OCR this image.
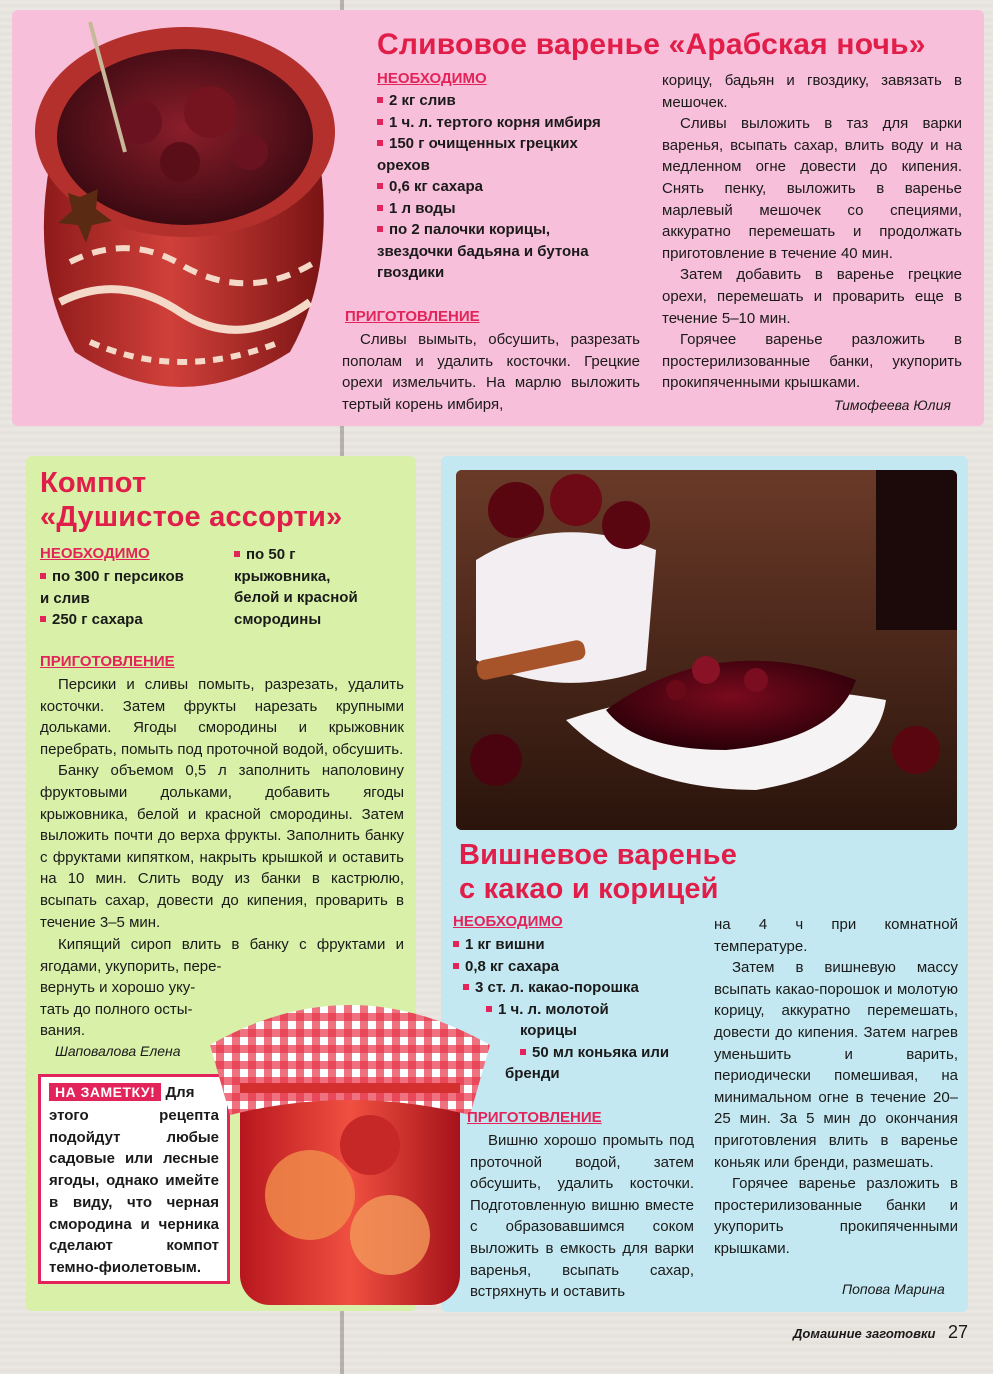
Сливовое варенье «Арабская ночь»
НЕОБХОДИМО
2 кг слив
1 ч. л. тертого корня имбиря
150 г очищенных грецких
орехов
0,6 кг сахара
1 л воды
по 2 палочки корицы,
звездочки бадьяна и бутона
гвоздики
ПРИГОТОВЛЕНИЕ

Сливы вымыть, обсушить, разрезать пополам и удалить косточки. Грецкие орехи измельчить. На марлю выложить тертый корень имбиря,

корицу, бадьян и гвоздику, завязать в мешочек.

Сливы выложить в таз для варки варенья, всыпать сахар, влить воду и на медленном огне довести до кипения. Снять пенку, выложить в варенье марлевый мешочек со специями, аккуратно перемешать и продолжать приготовление в течение 40 мин.

Затем добавить в варенье грецкие орехи, перемешать и проварить еще в течение 5–10 мин.

Горячее варенье разложить в простерилизованные банки, укупорить прокипяченными крышками.

Тимофеева Юлия
Компот
«Душистое ассорти»
НЕОБХОДИМО
по 300 г персиков
и слив
250 г сахара
по 50 г
крыжовника,
белой и красной
смородины
ПРИГОТОВЛЕНИЕ

Персики и сливы помыть, разрезать, удалить косточки. Затем фрукты нарезать крупными дольками. Ягоды смородины и крыжовник перебрать, помыть под проточной водой, обсушить.

Банку объемом 0,5 л заполнить наполовину фруктовыми дольками, добавить ягоды крыжовника, белой и красной смородины. Затем выложить почти до верха фрукты. Заполнить банку с фруктами кипятком, накрыть крышкой и оставить на 10 мин. Слить воду из банки в кастрюлю, всыпать сахар, довести до кипения, проварить в течение 3–5 мин.

Кипящий сироп влить в банку с фруктами и ягодами, укупорить, пере-

вернуть и хорошо уку-

тать до полного осты-

вания.

Шаповалова Елена
НА ЗАМЕТКУ! Для
этого рецепта подойдут любые садовые или лесные ягоды, однако имейте в виду, что черная смородина и черника сделают компот темно-фиолетовым.
Вишневое варенье
с какао и корицей
НЕОБХОДИМО
1 кг вишни
0,8 кг сахара
3 ст. л. какао-порошка
1 ч. л. молотой
корицы
50 мл коньяка или
бренди
ПРИГОТОВЛЕНИЕ

Вишню хорошо промыть под проточной водой, затем обсушить, удалить косточки. Подготовленную вишню вместе с образовавшимся соком выложить в емкость для варки варенья, всыпать сахар, встряхнуть и оставить

на 4 ч при комнатной температуре.

Затем в вишневую массу всыпать какао-порошок и молотую корицу, аккуратно перемешать, довести до кипения. Затем нагрев уменьшить и варить, периодически помешивая, на минимальном огне в течение 20–25 мин. За 5 мин до окончания приготовления влить в варенье коньяк или бренди, размешать.

Горячее варенье разложить в простерилизованные банки и укупорить прокипяченными крышками.

Попова Марина
Домашние заготовки 27
